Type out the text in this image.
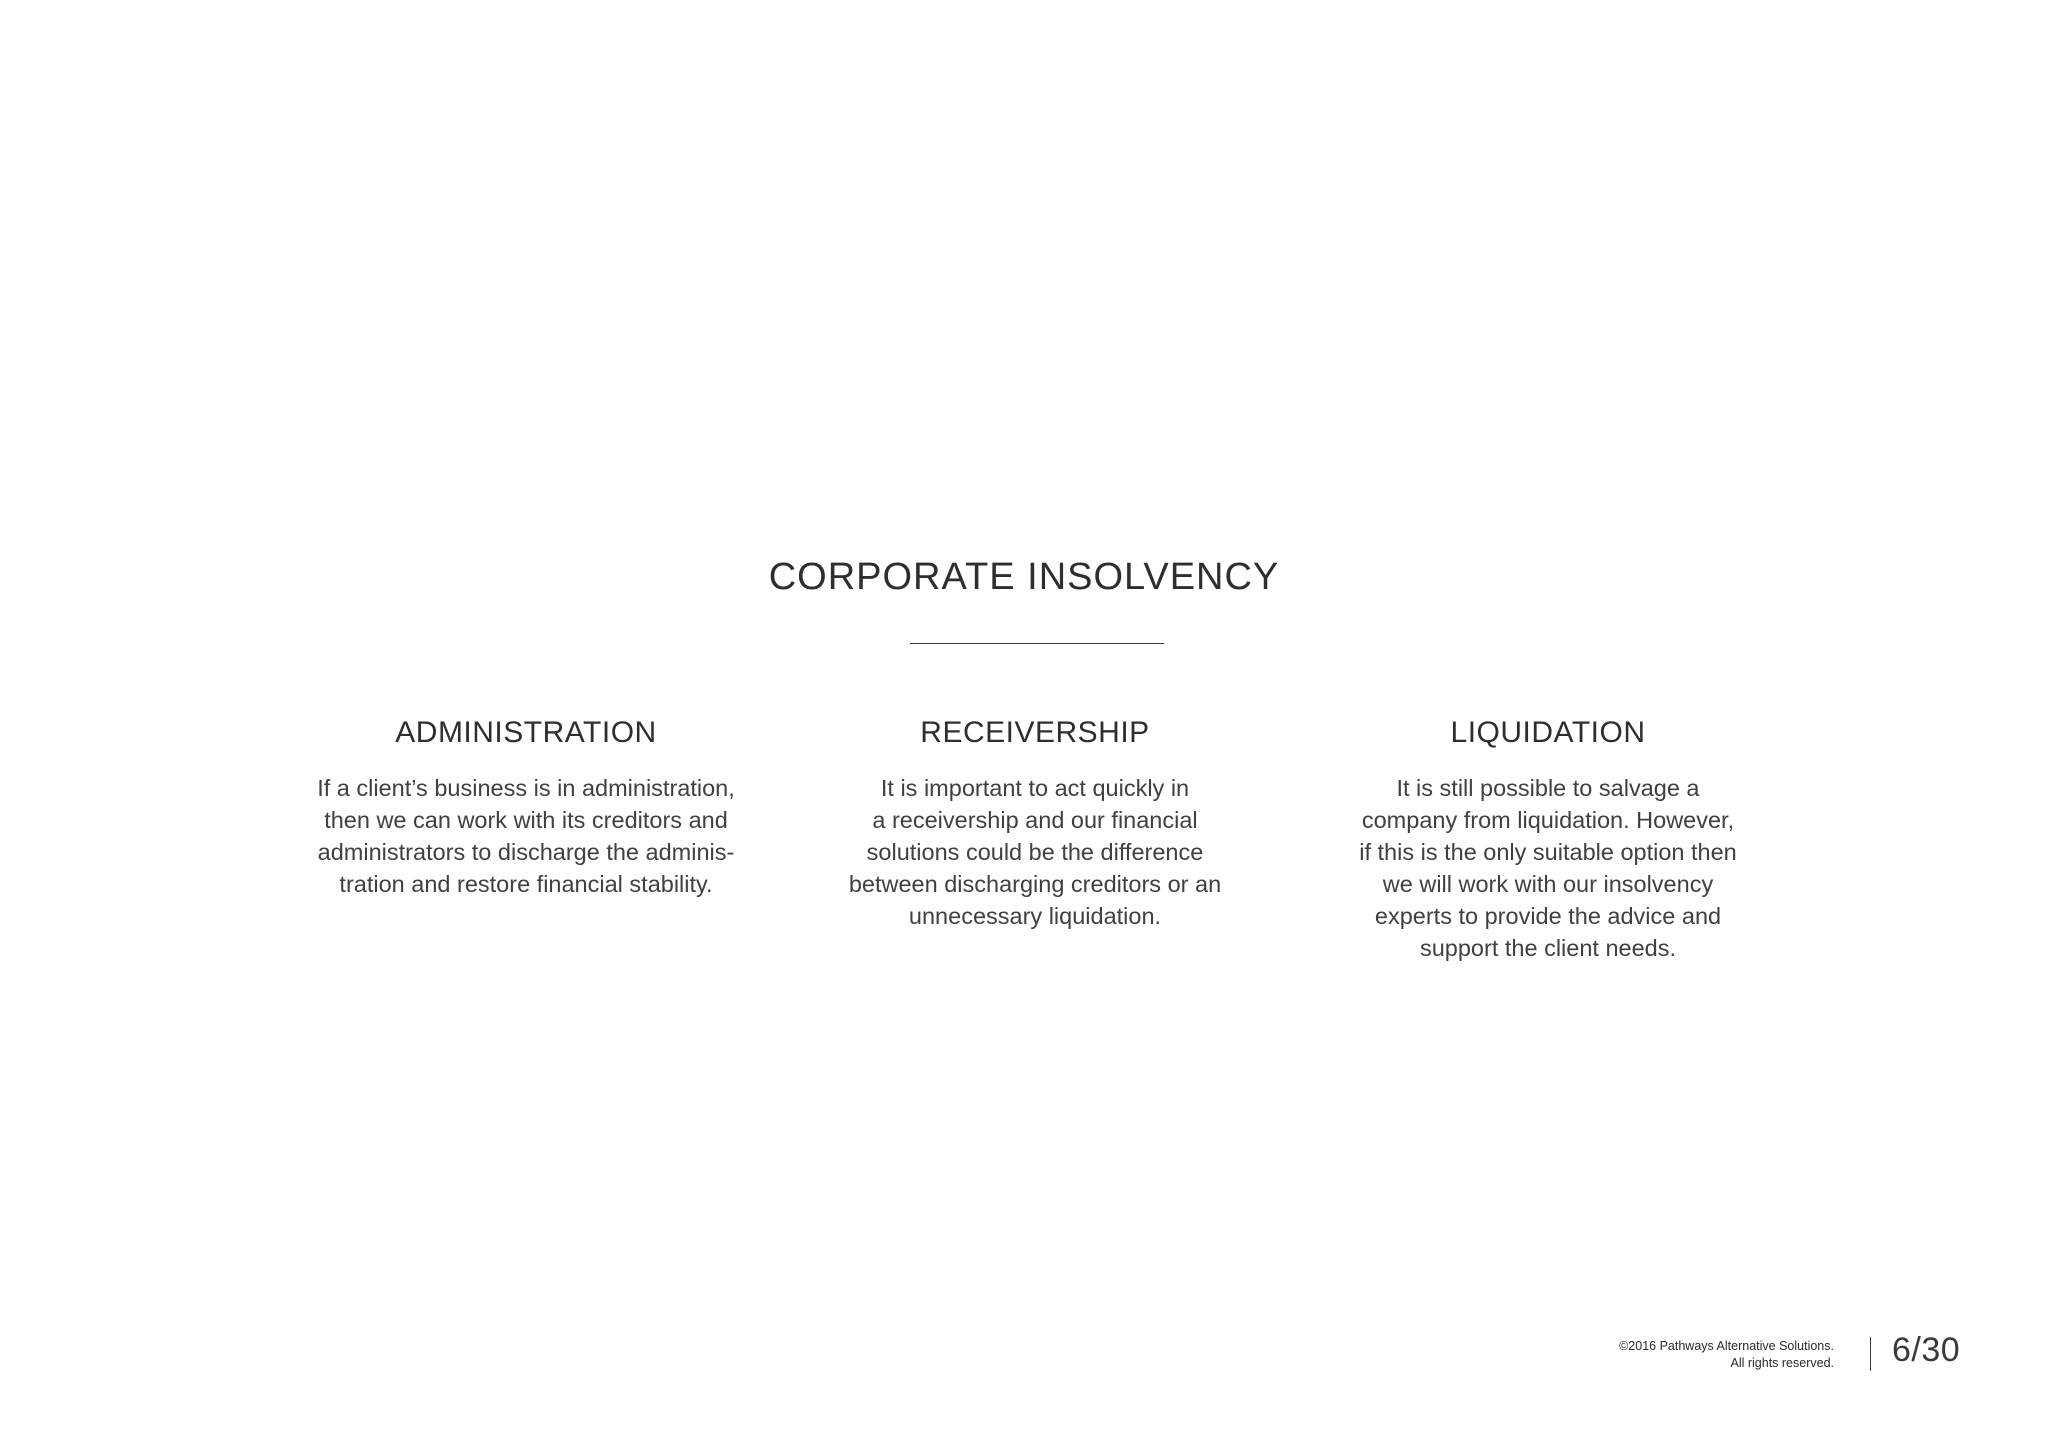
CORPORATE INSOLVENCY
ADMINISTRATION

If a client’s business is in administration,
then we can work with its creditors and
administrators to discharge the adminis-
tration and restore financial stability.

RECEIVERSHIP

It is important to act quickly in
a receivership and our financial
solutions could be the difference
between discharging creditors or an
unnecessary liquidation.

LIQUIDATION

It is still possible to salvage a
company from liquidation. However,
if this is the only suitable option then
we will work with our insolvency
experts to provide the advice and
support the client needs.

©2016 Pathways Alternative Solutions.
All rights reserved. 6/30
